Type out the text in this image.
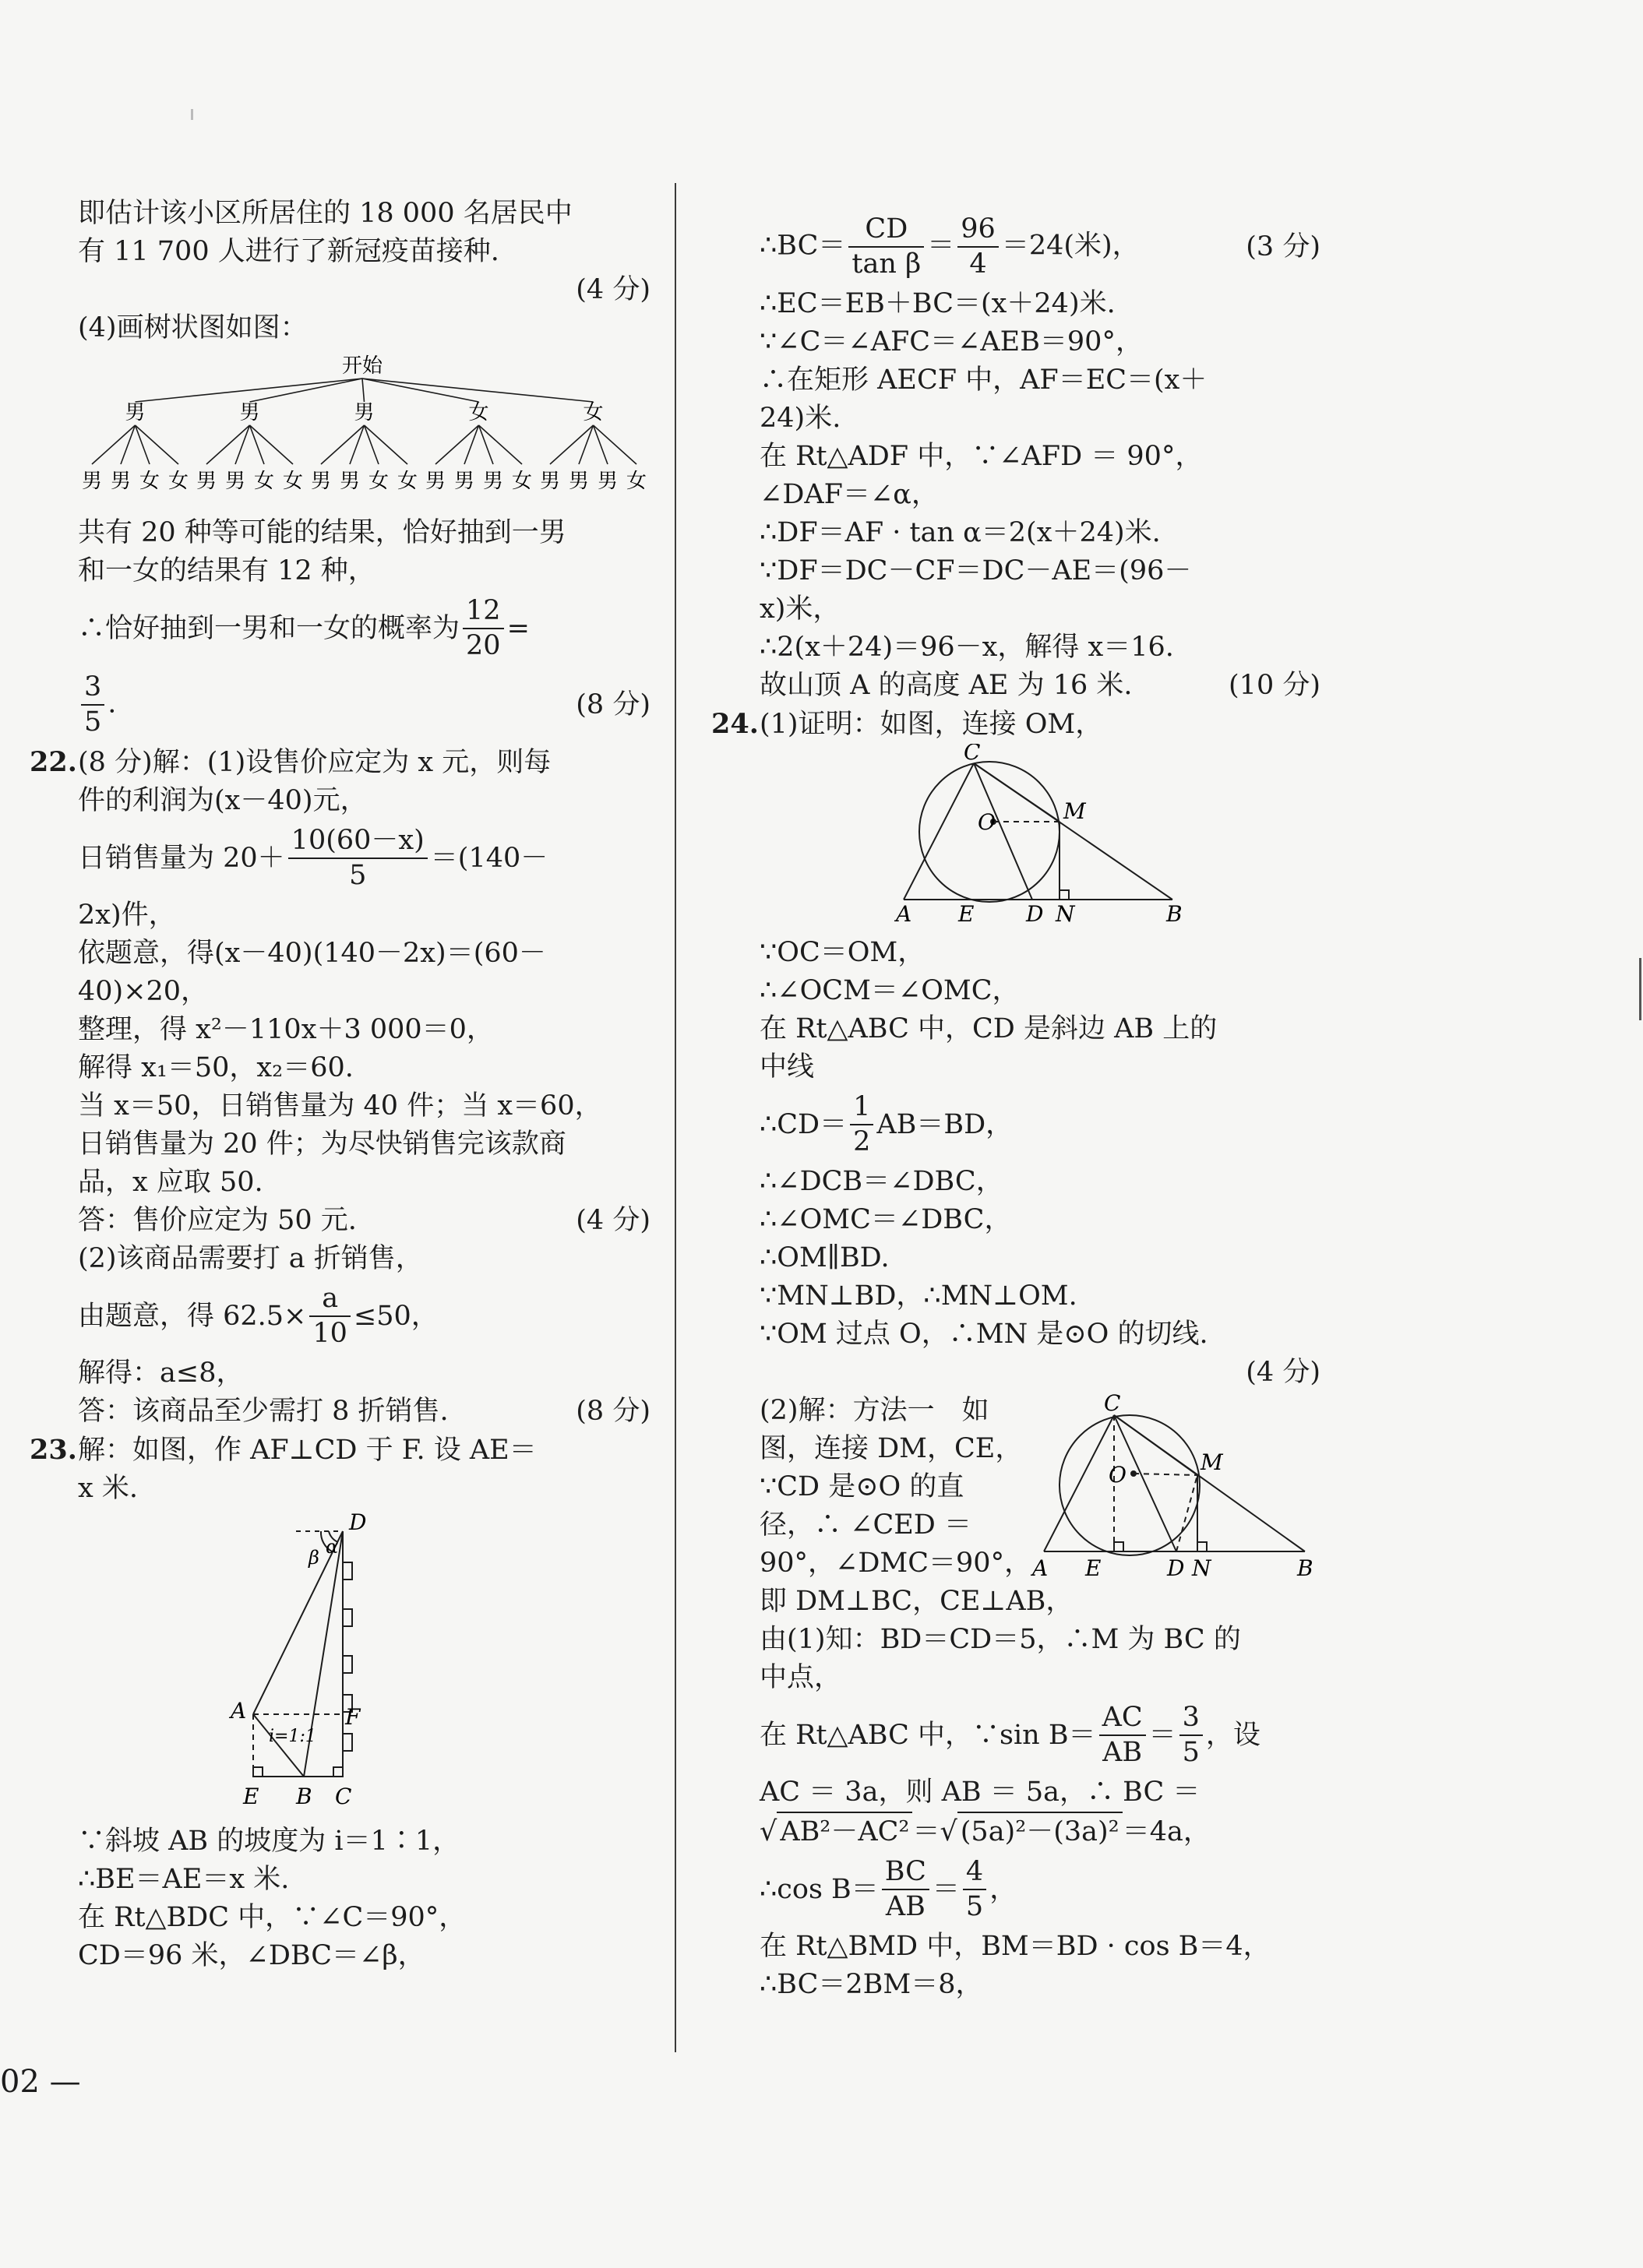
即估计该小区所居住的 18 000 名居民中
有 11 700 人进行了新冠疫苗接种.
(4 分)

(4)画树状图如图：
开始
男	男	男	女	女
男 男 女 女 男 男 女 女 男 男 女 女 男 男 男 女 男 男 男 女
共有 20 种等可能的结果，恰好抽到一男
和一女的结果有 12 种，
∴恰好抽到一男和一女的概率为 $\frac{12}{20}$ =
$\frac{3}{5}$ .	(8 分)
22.(8 分)解：(1)设售价应定为 x 元，则每
件的利润为(x－40)元，
日销售量为 $20+ \frac{10(60-x)}{5} =(140-$
2x)件，
依题意，得(x－40)(140－2x)＝(60－
40)×20，
整理，得 x²－110x＋3 000＝0，
解得 x₁＝50，x₂＝60.
当 x＝50，日销售量为 40 件；当 x＝60，
日销售量为 20 件；为尽快销售完该款商
品，x 应取 50.
答：售价应定为 50 元.	(4 分)
(2)该商品需要打 a 折销售，
由题意，得 $62.5\times \frac{a}{10} \le 50$，
解得：a≤8，
答：该商品至少需打 8 折销售.	(8 分)
23.解：如图，作 AF⊥CD 于 F. 设 AE＝
x 米.
D
α
β
A	F
i=1:1
E B C
∵斜坡 AB 的坡度为 i＝1∶1，
∴BE＝AE＝x 米.
在 Rt△BDC 中，∵∠C＝90°，
CD＝96 米，∠DBC＝∠β，
∴BC＝ $\frac{CD}{\text{tan β}} = \frac{96}{4} =24$(米)，	(3 分)
∴EC＝EB＋BC＝(x＋24)米.
∵∠C＝∠AFC＝∠AEB＝90°，
∴在矩形 AECF 中，AF＝EC＝(x＋
24)米.
在 Rt△ADF 中，∵∠AFD ＝ 90°，
∠DAF＝∠α，
∴DF＝AF · tan α＝2(x＋24)米.
∵DF＝DC－CF＝DC－AE＝(96－
x)米，
∴2(x＋24)＝96－x，解得 x＝16.
故山顶 A 的高度 AE 为 16 米.	(10 分)
24.(1)证明：如图，连接 OM，
C
O	M
A E D N	B
∵OC＝OM，
∴∠OCM＝∠OMC，
在 Rt△ABC 中，CD 是斜边 AB 上的
中线
∴CD＝ $\frac{1}{2} AB=BD$，
∴∠DCB＝∠DBC，
∴∠OMC＝∠DBC，
∴OM∥BD.
∵MN⊥BD，∴MN⊥OM.
∵OM 过点 O，∴MN 是⊙O 的切线.
(4 分)

(2)解：方法一　如
图，连接 DM，CE，
∵CD 是⊙O 的直
径，∴ ∠CED ＝
90°，∠DMC＝90°，
C
O	M
A E	D N	B
即 DM⊥BC，CE⊥AB，
由(1)知：BD＝CD＝5，∴M 为 BC 的
中点，
在 Rt△ABC 中，∵sin $B= \frac{AC}{AB} = \frac{3}{5}$ ，设
AC ＝ 3a，则 AB ＝ 5a，∴ BC ＝
√ AB²－AC² ＝√ (5a)²－(3a)² ＝4a，
∴cos $B= \frac{BC}{AB} = \frac{4}{5}$ ，
在 Rt△BMD 中，BM＝BD · cos B＝4，
∴BC＝2BM＝8，
02 —
